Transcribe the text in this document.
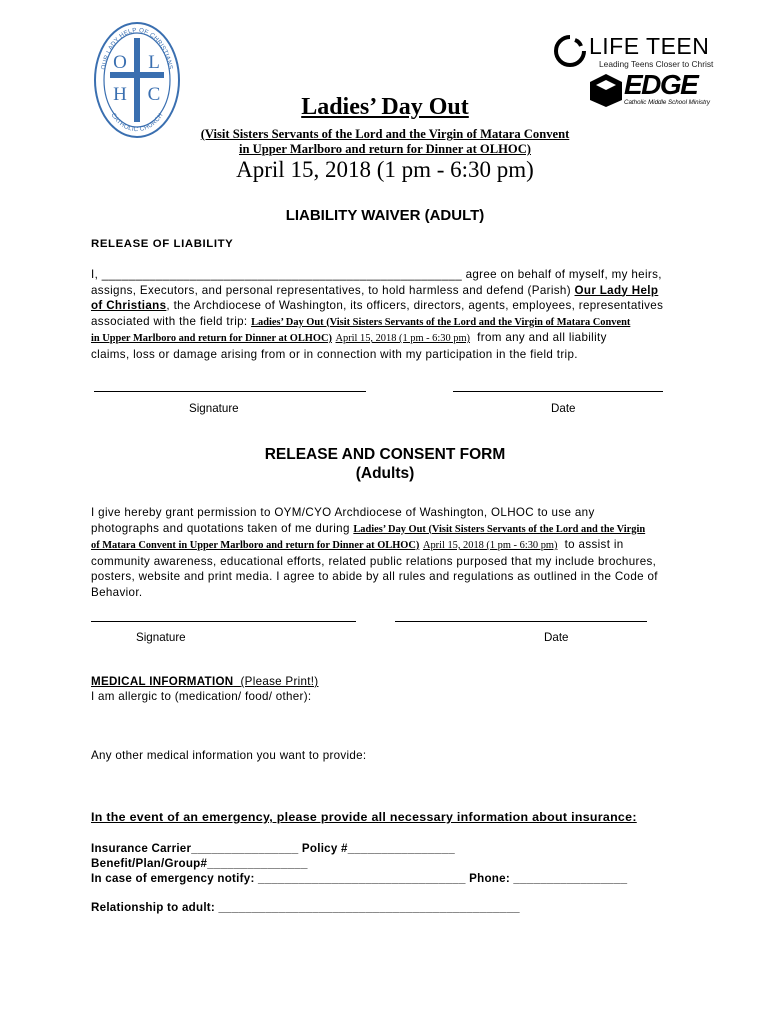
OUR LADY HELP OF CHRISTIANS
CATHOLIC CHURCH
O L
H C
LIFE TEEN
Leading Teens Closer to Christ
EDGE
Catholic Middle School Ministry
Ladies’ Day Out
(Visit Sisters Servants of the Lord and the Virgin of Matara Convent
in Upper Marlboro and return for Dinner at OLHOC)
April 15, 2018 (1 pm - 6:30 pm)
LIABILITY WAIVER (ADULT)
RELEASE OF LIABILITY
I, _____________________________________________________ agree on behalf of myself, my heirs,
assigns, Executors, and personal representatives, to hold harmless and defend (Parish) Our Lady Help
of Christians, the Archdiocese of Washington, its officers, directors, agents, employees, representatives
associated with the field trip: Ladies’ Day Out (Visit Sisters Servants of the Lord and the Virgin of Matara Convent
in Upper Marlboro and return for Dinner at OLHOC) April 15, 2018 (1 pm - 6:30 pm) from any and all liability
claims, loss or damage arising from or in connection with my participation in the field trip.
Signature	Date
RELEASE AND CONSENT FORM
(Adults)
I give hereby grant permission to OYM/CYO Archdiocese of Washington, OLHOC to use any
photographs and quotations taken of me during Ladies’ Day Out (Visit Sisters Servants of the Lord and the Virgin
of Matara Convent in Upper Marlboro and return for Dinner at OLHOC) April 15, 2018 (1 pm - 6:30 pm) to assist in
community awareness, educational efforts, related public relations purposed that my include brochures,
posters, website and print media. I agree to abide by all rules and regulations as outlined in the Code of
Behavior.
Signature	Date
MEDICAL INFORMATION (Please Print!)
I am allergic to (medication/ food/ other):
Any other medical information you want to provide:
In the event of an emergency, please provide all necessary information about insurance:
Insurance Carrier________________ Policy #________________
Benefit/Plan/Group#_______________
In case of emergency notify: _______________________________ Phone: _________________
Relationship to adult: _____________________________________________
